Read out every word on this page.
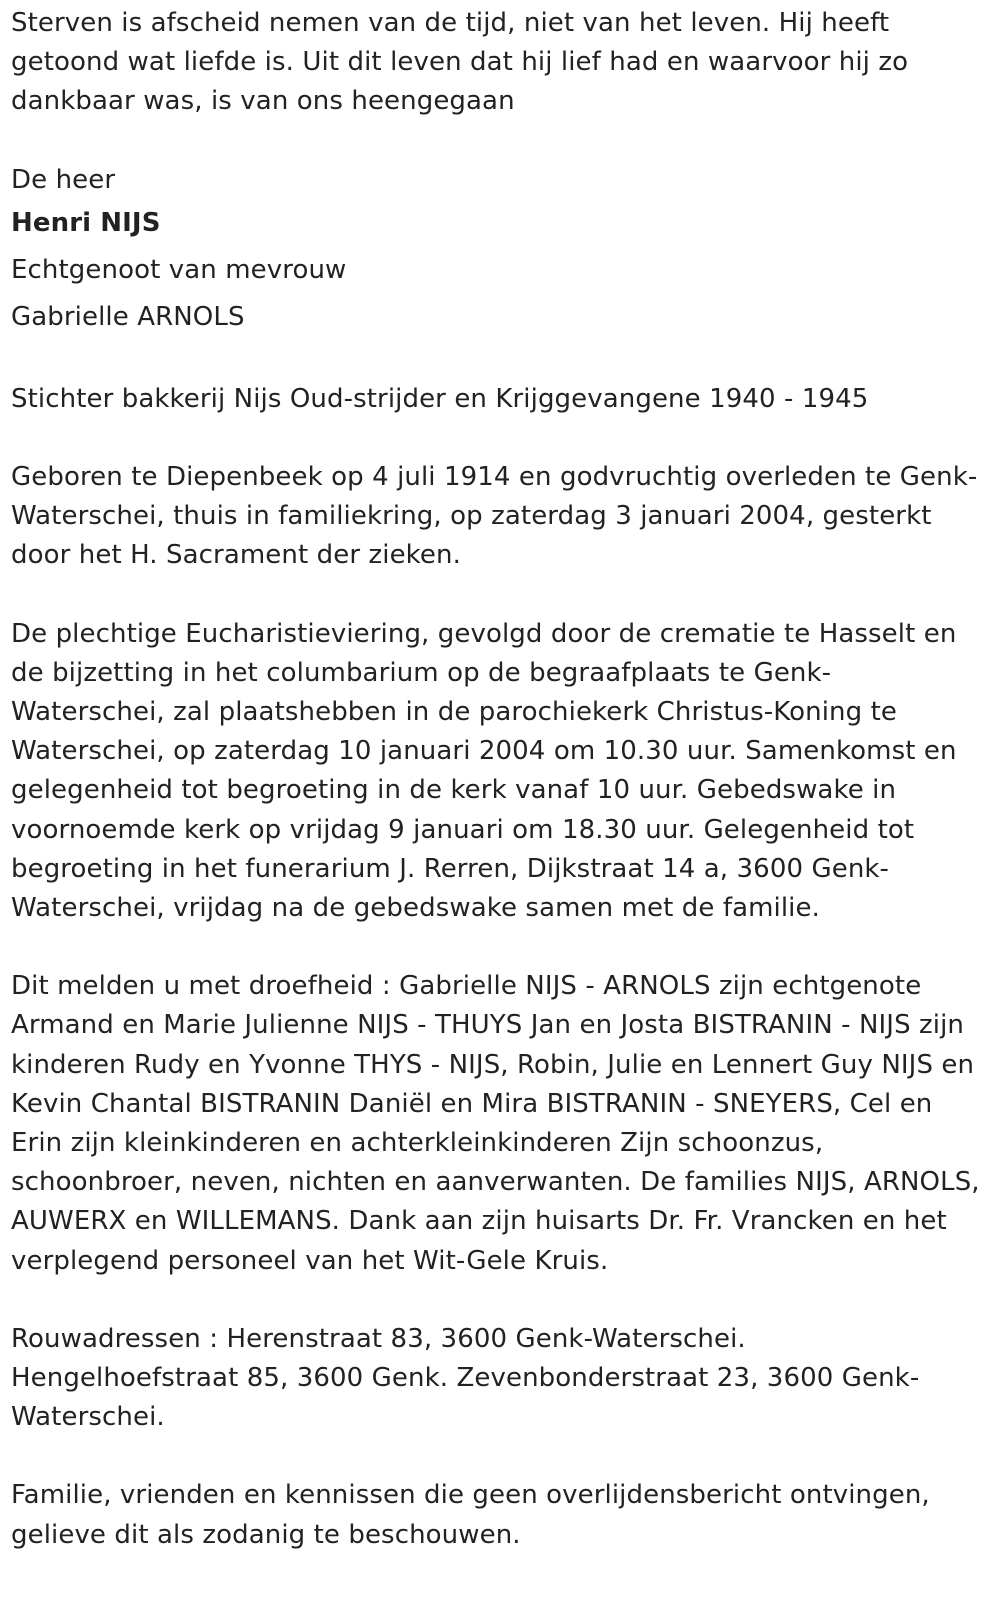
Sterven is afscheid nemen van de tijd, niet van het leven. Hij heeft getoond wat liefde is. Uit dit leven dat hij lief had en waarvoor hij zo dankbaar was, is van ons heengegaan

De heer

Henri NIJS

Echtgenoot van mevrouw

Gabrielle ARNOLS

Stichter bakkerij Nijs Oud-strijder en Krijggevangene 1940 - 1945

Geboren te Diepenbeek op 4 juli 1914 en godvruchtig overleden te Genk-Waterschei, thuis in familiekring, op zaterdag 3 januari 2004, gesterkt door het H. Sacrament der zieken.

De plechtige Eucharistieviering, gevolgd door de crematie te Hasselt en de bijzetting in het columbarium op de begraafplaats te Genk-Waterschei, zal plaatshebben in de parochiekerk Christus-Koning te Waterschei, op zaterdag 10 januari 2004 om 10.30 uur. Samenkomst en gelegenheid tot begroeting in de kerk vanaf 10 uur. Gebedswake in voornoemde kerk op vrijdag 9 januari om 18.30 uur. Gelegenheid tot begroeting in het funerarium J. Rerren, Dijkstraat 14 a, 3600 Genk-Waterschei, vrijdag na de gebedswake samen met de familie.

Dit melden u met droefheid : Gabrielle NIJS - ARNOLS zijn echtgenote Armand en Marie Julienne NIJS - THUYS Jan en Josta BISTRANIN - NIJS zijn kinderen Rudy en Yvonne THYS - NIJS, Robin, Julie en Lennert Guy NIJS en Kevin Chantal BISTRANIN Daniël en Mira BISTRANIN - SNEYERS, Cel en Erin zijn kleinkinderen en achterkleinkinderen Zijn schoonzus, schoonbroer, neven, nichten en aanverwanten. De families NIJS, ARNOLS, AUWERX en WILLEMANS. Dank aan zijn huisarts Dr. Fr. Vrancken en het verplegend personeel van het Wit-Gele Kruis.

Rouwadressen : Herenstraat 83, 3600 Genk-Waterschei. Hengelhoefstraat 85, 3600 Genk. Zevenbonderstraat 23, 3600 Genk-Waterschei.

Familie, vrienden en kennissen die geen overlijdensbericht ontvingen, gelieve dit als zodanig te beschouwen.
